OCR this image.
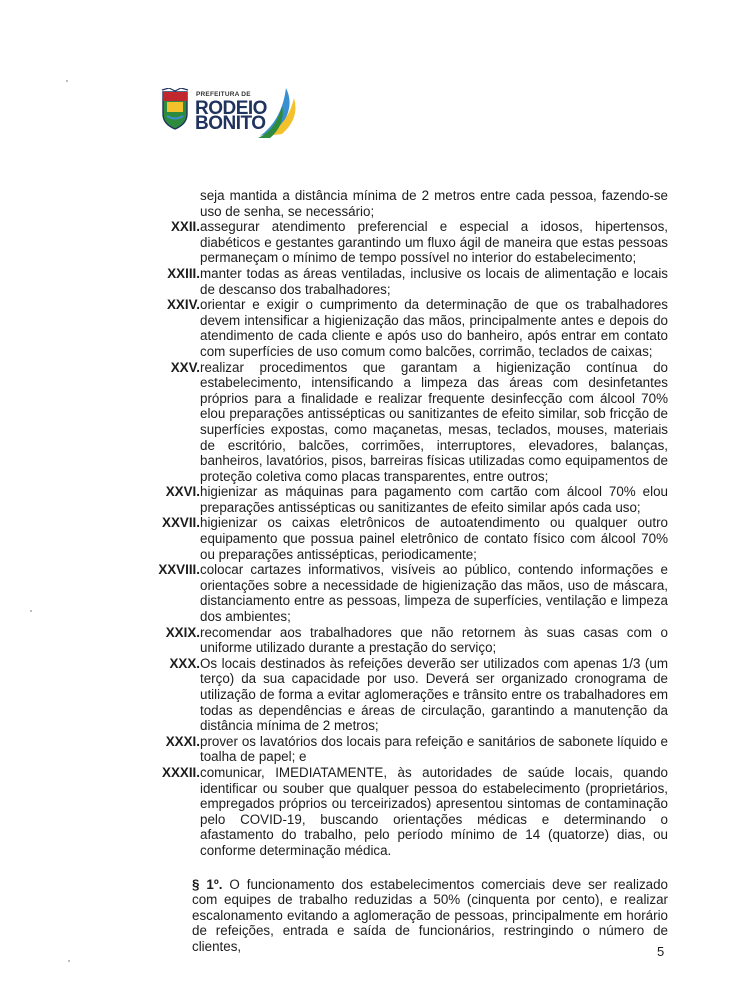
PREFEITURA DE
RODEIO
BONITO
seja mantida a distância mínima de 2 metros entre cada pessoa, fazendo-se uso de senha, se necessário;
XXII. assegurar atendimento preferencial e especial a idosos, hipertensos, diabéticos e gestantes garantindo um fluxo ágil de maneira que estas pessoas permaneçam o mínimo de tempo possível no interior do estabelecimento;
XXIII. manter todas as áreas ventiladas, inclusive os locais de alimentação e locais de descanso dos trabalhadores;
XXIV. orientar e exigir o cumprimento da determinação de que os trabalhadores devem intensificar a higienização das mãos, principalmente antes e depois do atendimento de cada cliente e após uso do banheiro, após entrar em contato com superfícies de uso comum como balcões, corrimão, teclados de caixas;
XXV. realizar procedimentos que garantam a higienização contínua do estabelecimento, intensificando a limpeza das áreas com desinfetantes próprios para a finalidade e realizar frequente desinfecção com álcool 70% elou preparações antissépticas ou sanitizantes de efeito similar, sob fricção de superfícies expostas, como maçanetas, mesas, teclados, mouses, materiais de escritório, balcões, corrimões, interruptores, elevadores, balanças, banheiros, lavatórios, pisos, barreiras físicas utilizadas como equipamentos de proteção coletiva como placas transparentes, entre outros;
XXVI. higienizar as máquinas para pagamento com cartão com álcool 70% elou preparações antissépticas ou sanitizantes de efeito similar após cada uso;
XXVII. higienizar os caixas eletrônicos de autoatendimento ou qualquer outro equipamento que possua painel eletrônico de contato físico com álcool 70% ou preparações antissépticas, periodicamente;
XXVIII. colocar cartazes informativos, visíveis ao público, contendo informações e orientações sobre a necessidade de higienização das mãos, uso de máscara, distanciamento entre as pessoas, limpeza de superfícies, ventilação e limpeza dos ambientes;
XXIX. recomendar aos trabalhadores que não retornem às suas casas com o uniforme utilizado durante a prestação do serviço;
XXX. Os locais destinados às refeições deverão ser utilizados com apenas 1/3 (um terço) da sua capacidade por uso. Deverá ser organizado cronograma de utilização de forma a evitar aglomerações e trânsito entre os trabalhadores em todas as dependências e áreas de circulação, garantindo a manutenção da distância mínima de 2 metros;
XXXI. prover os lavatórios dos locais para refeição e sanitários de sabonete líquido e toalha de papel; e
XXXII. comunicar, IMEDIATAMENTE, às autoridades de saúde locais, quando identificar ou souber que qualquer pessoa do estabelecimento (proprietários, empregados próprios ou terceirizados) apresentou sintomas de contaminação pelo COVID-19, buscando orientações médicas e determinando o afastamento do trabalho, pelo período mínimo de 14 (quatorze) dias, ou conforme determinação médica.
§ 1º. O funcionamento dos estabelecimentos comerciais deve ser realizado com equipes de trabalho reduzidas a 50% (cinquenta por cento), e realizar escalonamento evitando a aglomeração de pessoas, principalmente em horário de refeições, entrada e saída de funcionários, restringindo o número de clientes,	5
